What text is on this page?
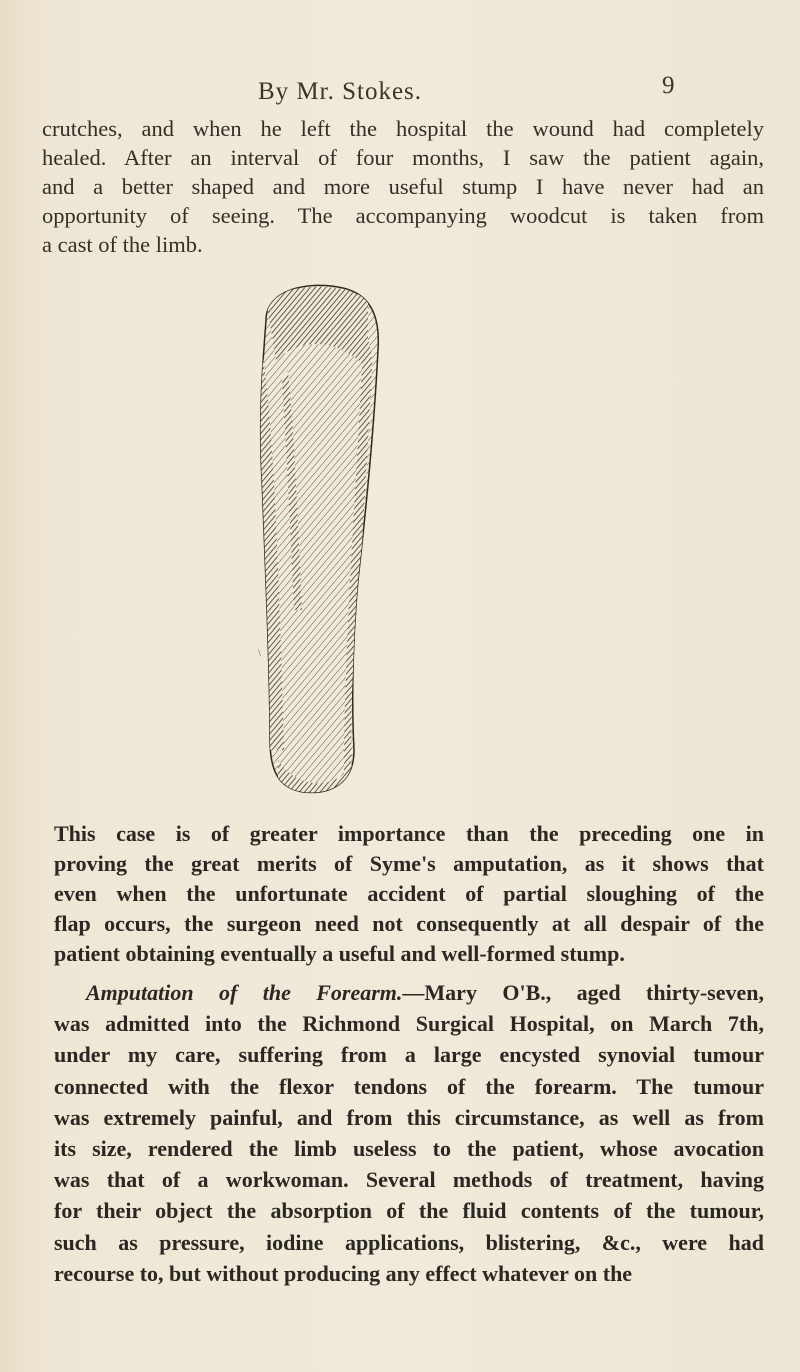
By Mr. Stokes.	9
crutches, and when he left the hospital the wound had completely
healed. After an interval of four months, I saw the patient again,
and a better shaped and more useful stump I have never had an
opportunity of seeing. The accompanying woodcut is taken from
a cast of the limb.
\
This case is of greater importance than the preceding one in
proving the great merits of Syme's amputation, as it shows that
even when the unfortunate accident of partial sloughing of the
flap occurs, the surgeon need not consequently at all despair of the
patient obtaining eventually a useful and well-formed stump.
Amputation of the Forearm.—Mary O'B., aged thirty-seven,
was admitted into the Richmond Surgical Hospital, on March 7th,
under my care, suffering from a large encysted synovial tumour
connected with the flexor tendons of the forearm. The tumour
was extremely painful, and from this circumstance, as well as from
its size, rendered the limb useless to the patient, whose avocation
was that of a workwoman. Several methods of treatment, having
for their object the absorption of the fluid contents of the tumour,
such as pressure, iodine applications, blistering, &c., were had
recourse to, but without producing any effect whatever on the
